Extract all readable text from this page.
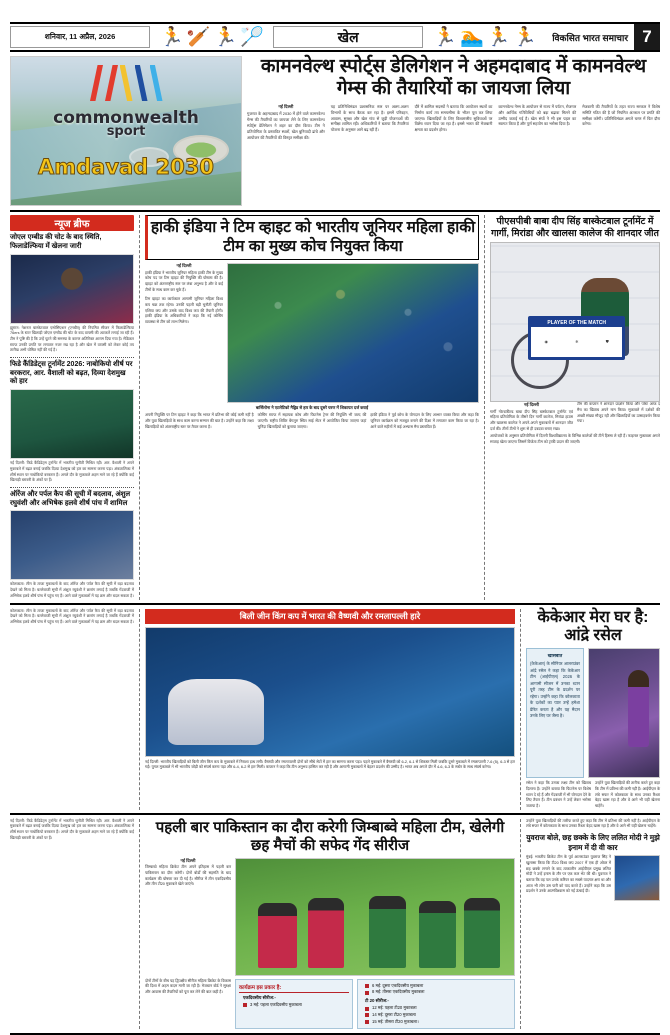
शनिवार, 11 अप्रैल, 2026	🏃 🏏 🏃 🏸	खेल	🏃 🏊 🏃 🏃	विकसित भारत समाचार 7
commonwealth
sport
Amdavad 2030
कामनवेल्थ स्पोर्ट्स डेलिगेशन ने अहमदाबाद में कामनवेल्थ गेम्स की तैयारियों का जायजा लिया
नई दिल्ली
गुजरात के अहमदाबाद में 2030 में होने वाले कामनवेल्थ गेम्स की तैयारियों का जायजा लेने के लिए कामनवेल्थ स्पोर्ट्स डेलिगेशन ने शहर का दौरा किया। टीम ने प्रतियोगिता के प्रस्तावित स्थलों, खेल बुनियादी ढांचे और आयोजन की तैयारियों की विस्तृत समीक्षा की।
यह प्रतिनिधिमंडल प्रशासनिक स्तर पर अलग-अलग विभागों के साथ बैठक कर रहा है। इसमें परिवहन, आवास, सुरक्षा और खेल गांव से जुड़ी योजनाओं की समीक्षा शामिल रही। अधिकारियों ने बताया कि तैयारियां योजना के अनुसार आगे बढ़ रही हैं।
दौरे में शामिल सदस्यों ने बताया कि आयोजन स्थलों का निर्माण कार्य तय समयसीमा के भीतर पूरा कर लिया जाएगा। खिलाड़ियों के लिए विश्वस्तरीय सुविधाओं पर विशेष ध्यान दिया जा रहा है। इससे भारत की मेजबानी क्षमता का प्रदर्शन होगा।
कामनवेल्थ गेम्स के आयोजन से राज्य में पर्यटन, रोजगार और आर्थिक गतिविधियों को बड़ा बढ़ावा मिलने की उम्मीद जताई गई है। खेल संघों ने भी इस पहल का स्वागत किया है और पूर्ण सहयोग का भरोसा दिया है।
मेजबानी की तैयारियों के तहत राज्य सरकार ने विशेष समिति गठित की है जो नियमित अंतराल पर प्रगति की समीक्षा करेगी। प्रतिनिधिमंडल अगले चरण में फिर दौरा करेगा।
न्यूज ब्रीफ
जोएल एम्बीड की चोट के बाद स्थिति, फिलाडेल्फिया में खेलना जारी
ह्यूस्टन: नेशनल बास्केटबाल एसोसिएशन (एनबीए) की नियमित सीजन में फिलाडेल्फिया 76ers के स्टार खिलाड़ी जोएल एम्बीड की चोट के बाद वापसी की अटकलें लगाई जा रही हैं। टीम ने पुष्टि की है कि उन्हें घुटने की समस्या के कारण अतिरिक्त आराम दिया गया है। मेडिकल स्टाफ उनकी प्रगति पर लगातार नजर रख रहा है और खेल में वापसी को लेकर कोई तय तारीख अभी घोषित नहीं की गई है।
फिडे कैंडिडेट्स टूर्नामेंट 2026: नाबोकियो शीर्ष पर बरकरार, आर. वैशाली को बढ़त, दिव्या देशमुख को हार
नई दिल्ली: फिडे कैंडिडेट्स टूर्नामेंट में भारतीय चुनौती मिश्रित रही। आर. वैशाली ने अपने मुकाबले में बढ़त बनाई जबकि दिव्या देशमुख को हार का सामना करना पड़ा। अंकतालिका में शीर्ष स्थान पर नाबोकियो बरकरार हैं। अगले दौर के मुकाबले अहम माने जा रहे हैं क्योंकि कई खिलाड़ी बराबरी के अंकों पर हैं।
ऑरेंज और पर्पल कैप की सूची में बदलाव, अंशुल रघुवंशी और अभिषेक हलवे शीर्ष पांच में शामिल
कोलकाता: लीग के ताजा मुकाबलों के बाद ऑरेंज और पर्पल कैप की सूची में बड़ा बदलाव देखने को मिला है। बल्लेबाजी सूची में अंशुल रघुवंशी ने छलांग लगाई है जबकि गेंदबाजी में अभिषेक हलवे शीर्ष पांच में पहुंच गए हैं। आने वाले मुकाबलों में यह क्रम और बदल सकता है।
हाकी इंडिया ने टिम व्हाइट को भारतीय जूनियर महिला हाकी टीम का मुख्य कोच नियुक्त किया
नई दिल्ली
हाकी इंडिया ने भारतीय जूनियर महिला हाकी टीम के मुख्य कोच पद पर टिम व्हाइट की नियुक्ति की घोषणा की है। व्हाइट को अंतरराष्ट्रीय स्तर पर लंबा अनुभव है और वे कई टीमों के साथ काम कर चुके हैं।
टिम व्हाइट का कार्यकाल आगामी जूनियर महिला विश्व कप चक्र तक रहेगा। उनकी पहली बड़ी चुनौती जूनियर एशिया कप और उसके बाद विश्व कप की तैयारी होगी। हाकी इंडिया के अधिकारियों ने कहा कि नई कोचिंग व्यवस्था से टीम को लाभ मिलेगा।
बार्सिलोना ने एटलेटिको मैड्रिड से हार के बाद दूसरे चरण में शिकायत दर्ज कराई
अपनी नियुक्ति पर टिम व्हाइट ने कहा कि भारत में प्रतिभा की कोई कमी नहीं है और युवा खिलाड़ियों के साथ काम करना सम्मान की बात है। उन्होंने कहा कि लक्ष्य खिलाड़ियों को अंतरराष्ट्रीय स्तर पर तैयार करना है।
कोचिंग स्टाफ में सहायक कोच और फिटनेस ट्रेनर की नियुक्ति भी जल्द की जाएगी। राष्ट्रीय शिविर बेंगलुरु स्थित साई सेंटर में आयोजित किया जाएगा जहां चुनिंदा खिलाड़ियों को बुलाया जाएगा।
हाकी इंडिया ने पूर्व कोच के योगदान के लिए आभार व्यक्त किया और कहा कि जूनियर कार्यक्रम को मजबूत बनाने की दिशा में लगातार काम किया जा रहा है। आने वाले महीनों में कई अभ्यास मैच प्रस्तावित हैं।
पीएसपीबी बाबा दीप सिंह बास्केटबाल टूर्नामेंट में गार्गी, मिरांडा और खालसा कालेज की शानदार जीत
PLAYER OF THE MATCH
◉	❄	⛊
नई दिल्ली
गार्गी गोल्डफील्ड बाबा दीप सिंह बास्केटबाल टूर्नामेंट एवं महिला प्रतियोगिता के तीसरे दिन गार्गी कालेज, मिरांडा हाउस और खालसा कालेज ने अपने-अपने मुकाबलों में शानदार जीत दर्ज की। तीनों टीमों ने शुरू से ही दबदबा बनाए रखा।
टीम की कप्तान ने शानदार प्रदर्शन किया और पोस्ट आफ द मैच का खिताब अपने नाम किया। मुकाबले में दर्शकों की अच्छी संख्या मौजूद रही और खिलाड़ियों का उत्साहवर्धन किया गया।
आयोजकों के अनुसार प्रतियोगिता में दिल्ली विश्वविद्यालय के विभिन्न कालेजों की टीमें हिस्सा ले रही हैं। फाइनल मुकाबला अगले सप्ताह खेला जाएगा जिसमें विजेता टीम को ट्राफी प्रदान की जाएगी।
कोलकाता: लीग के ताजा मुकाबलों के बाद ऑरेंज और पर्पल कैप की सूची में बड़ा बदलाव देखने को मिला है। बल्लेबाजी सूची में अंशुल रघुवंशी ने छलांग लगाई है जबकि गेंदबाजी में अभिषेक हलवे शीर्ष पांच में पहुंच गए हैं। आने वाले मुकाबलों में यह क्रम और बदल सकता है।
बिली जीन किंग कप में भारत की वैष्णवी और रमलापल्ली हारे
नई दिल्ली: भारतीय खिलाड़ियों को बिली जीन किंग कप के मुकाबले में निराशा हाथ लगी। वैष्णवी और रमलापल्ली दोनों को सीधे सेटों में हार का सामना करना पड़ा। पहले मुकाबले में वैष्णवी को 6-2, 6-1 से शिकस्त मिली जबकि दूसरे मुकाबले में रमलापल्ली 7-6 (5), 6-3 से हार गईं। युगल मुकाबले में भी भारतीय जोड़ी को संघर्ष करना पड़ा और 6-4, 6-2 से हार मिली। कप्तान ने कहा कि टीम अनुभव हासिल कर रही है और आगामी मुकाबलों में बेहतर प्रदर्शन की उम्मीद है। भारत अब अगले दौर में 4-6, 6-3 के स्कोर के साथ संघर्ष करेगा।
केकेआर मेरा घर है: आंद्रे रसेल
खासबात
(केकेआर) के सीनियर आलराउंडर आंद्रे रसेल ने कहा कि केकेआर टीम (आईपीएल) 2026 के आगामी सीजन में उनका ध्यान पूरी तरह टीम के प्रदर्शन पर रहेगा। उन्होंने कहा कि कोलकाता के दर्शकों का प्यार उन्हें हमेशा प्रेरित करता है और यह मैदान उनके लिए घर जैसा है।
रसेल ने कहा कि उनका लक्ष्य टीम को खिताब दिलाना है। उन्होंने बताया कि फिटनेस पर विशेष ध्यान दे रहे हैं और गेंदबाजी में भी योगदान देने के लिए तैयार हैं। टीम प्रबंधन ने उन्हें लेकर भरोसा जताया है।
उन्होंने युवा खिलाड़ियों की तारीफ करते हुए कहा कि टीम में प्रतिभा की कमी नहीं है। आईपीएल के लंबे सफर में कोलकाता के साथ उनका रिश्ता बेहद खास रहा है और वे आगे भी यहीं खेलना चाहेंगे।
नई दिल्ली: फिडे कैंडिडेट्स टूर्नामेंट में भारतीय चुनौती मिश्रित रही। आर. वैशाली ने अपने मुकाबले में बढ़त बनाई जबकि दिव्या देशमुख को हार का सामना करना पड़ा। अंकतालिका में शीर्ष स्थान पर नाबोकियो बरकरार हैं। अगले दौर के मुकाबले अहम माने जा रहे हैं क्योंकि कई खिलाड़ी बराबरी के अंकों पर हैं।
पहली बार पाकिस्तान का दौरा करेगी जिम्बाब्वे महिला टीम, खेलेगी छह मैचों की सफेद गेंद सीरीज
नई दिल्ली
जिम्बाब्वे महिला क्रिकेट टीम अपने इतिहास में पहली बार पाकिस्तान का दौरा करेगी। दोनों बोर्डों की सहमति के बाद कार्यक्रम की घोषणा कर दी गई है। सीरीज में तीन एकदिवसीय और तीन टी20 मुकाबले खेले जाएंगे।
दोनों टीमों के बीच यह द्विपक्षीय सीरीज महिला क्रिकेट के विकास की दिशा में अहम कदम मानी जा रही है। मेजबान बोर्ड ने सुरक्षा और आवास की तैयारियों को पूरा कर लेने की बात कही है।
कार्यक्रम इस प्रकार है:
एकदिवसीय सीरीज:-
3 मई: पहला एकदिवसीय मुकाबला
6 मई: दूसरा एकदिवसीय मुकाबला
8 मई: तीसरा एकदिवसीय मुकाबला
टी 20 सीरीज:-
12 मई: पहला टी20 मुकाबला
14 मई: दूसरा टी20 मुकाबला
15 मई: तीसरा टी20 मुकाबला।
उन्होंने युवा खिलाड़ियों की तारीफ करते हुए कहा कि टीम में प्रतिभा की कमी नहीं है। आईपीएल के लंबे सफर में कोलकाता के साथ उनका रिश्ता बेहद खास रहा है और वे आगे भी यहीं खेलना चाहेंगे।
युवराज बोले, छह छक्के के लिए ललित मोदी ने मुझे इनाम में दी वी कार
मुंबई: भारतीय क्रिकेट टीम के पूर्व आलराउंडर युवराज सिंह ने खुलासा किया कि टी20 विश्व कप 2007 में एक ही ओवर में छह छक्के लगाने के बाद तत्कालीन आईपीएल प्रमुख ललित मोदी ने उन्हें इनाम के तौर पर एक कार भेंट की थी। युवराज ने बताया कि वह पल उनके करियर का सबसे यादगार क्षण था और आज भी लोग उस पारी को याद करते हैं। उन्होंने कहा कि उस प्रदर्शन ने उनके आत्मविश्वास को नई ऊंचाई दी।
